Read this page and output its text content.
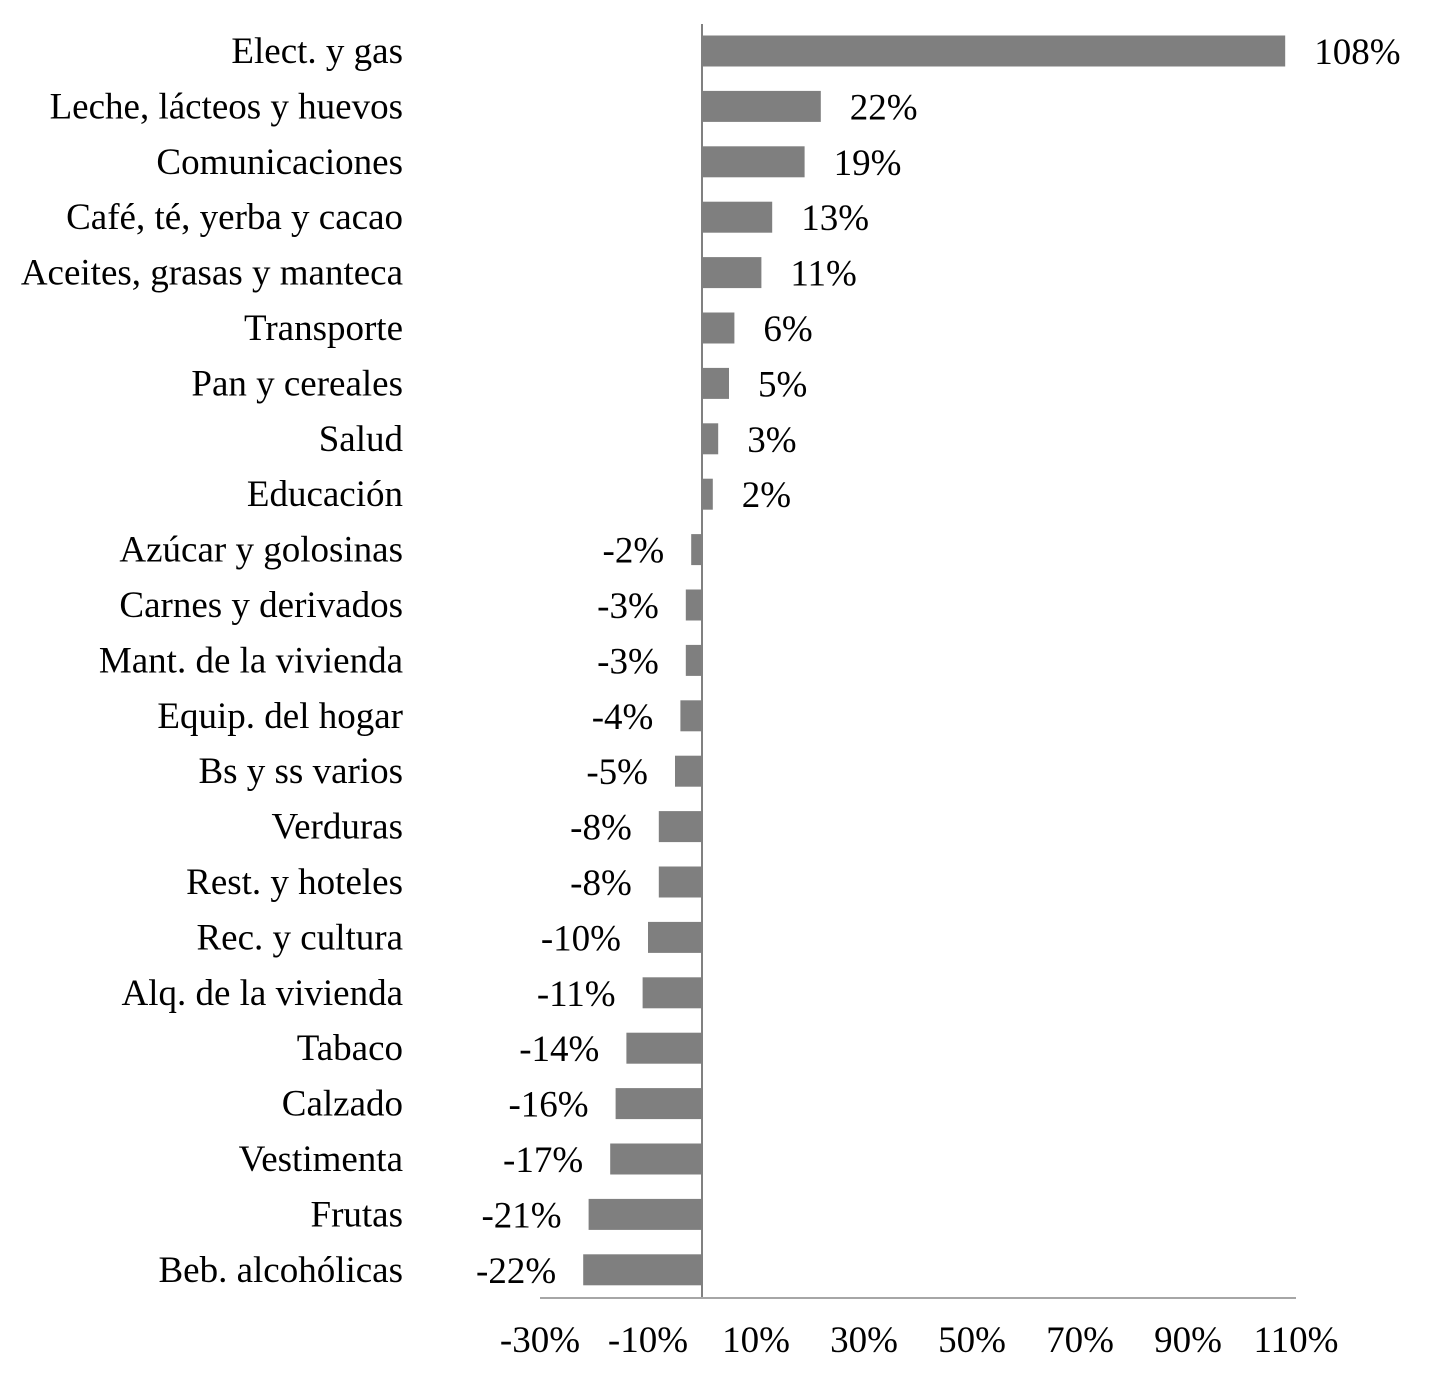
Elect. y gas
Leche, lácteos y huevos
Comunicaciones
Café, té, yerba y cacao
Aceites, grasas y manteca
Transporte
Pan y cereales
Salud
Educación
Azúcar y golosinas
Carnes y derivados
Mant. de la vivienda
Equip. del hogar
Bs y ss varios
Verduras
Rest. y hoteles
Rec. y cultura
Alq. de la vivienda
Tabaco
Calzado
Vestimenta
Frutas
Beb. alcohólicas
108%
22%
19%
13%
11%
6%
5%
3%
2%
-2%
-3%
-3%
-4%
-5%
-8%
-8%
-10%
-11%
-14%
-16%
-17%
-21%
-22%
-30% -10% 10% 30% 50% 70% 90% 110%
